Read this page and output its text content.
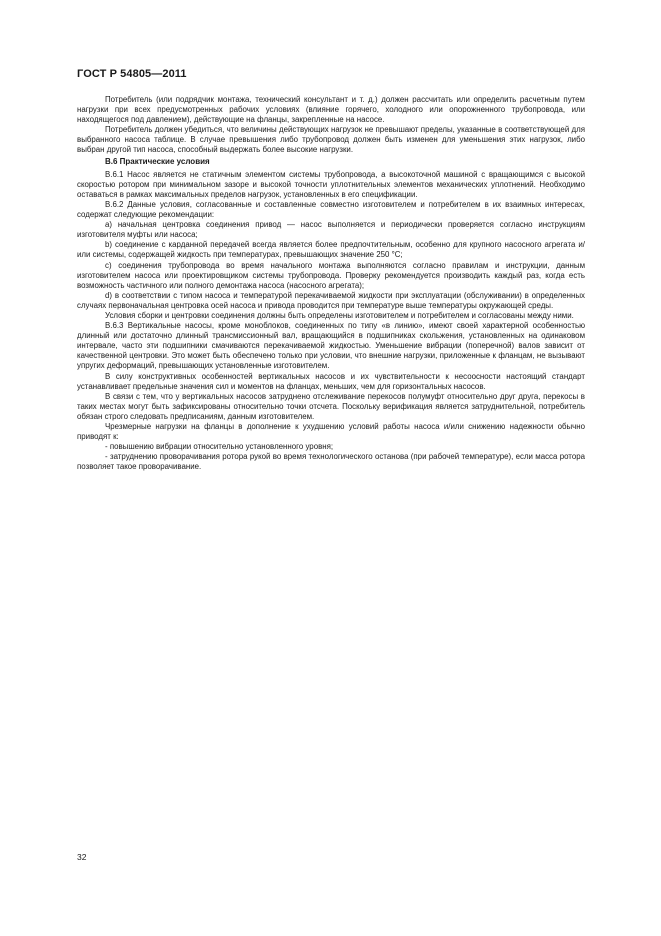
ГОСТ Р 54805—2011

Потребитель (или подрядчик монтажа, технический консультант и т. д.) должен рассчитать или определить расчетным путем нагрузки при всех предусмотренных рабочих условиях (влияние горячего, холодного или опорожненного трубопровода, или находящегося под давлением), действующие на фланцы, закрепленные на насосе.

Потребитель должен убедиться, что величины действующих нагрузок не превышают пределы, указанные в соответствующей для выбранного насоса таблице. В случае превышения либо трубопровод должен быть изменен для уменьшения этих нагрузок, либо выбран другой тип насоса, способный выдержать более высокие нагрузки.

В.6 Практические условия

В.6.1 Насос является не статичным элементом системы трубопровода, а высокоточной машиной с вращающимся с высокой скоростью ротором при минимальном зазоре и высокой точности уплотнительных элементов механических уплотнений. Необходимо оставаться в рамках максимальных пределов нагрузок, установленных в его спецификации.

В.6.2 Данные условия, согласованные и составленные совместно изготовителем и потребителем в их взаимных интересах, содержат следующие рекомендации:

а) начальная центровка соединения привод — насос выполняется и периодически проверяется согласно инструкциям изготовителя муфты или насоса;

b) соединение с карданной передачей всегда является более предпочтительным, особенно для крупного насосного агрегата и/или системы, содержащей жидкость при температурах, превышающих значение 250 °C;

с) соединения трубопровода во время начального монтажа выполняются согласно правилам и инструкции, данным изготовителем насоса или проектировщиком системы трубопровода. Проверку рекомендуется производить каждый раз, когда есть возможность частичного или полного демонтажа насоса (насосного агрегата);

d) в соответствии с типом насоса и температурой перекачиваемой жидкости при эксплуатации (обслуживании) в определенных случаях первоначальная центровка осей насоса и привода проводится при температуре выше температуры окружающей среды.

Условия сборки и центровки соединения должны быть определены изготовителем и потребителем и согласованы между ними.

В.6.3 Вертикальные насосы, кроме моноблоков, соединенных по типу «в линию», имеют своей характерной особенностью длинный или достаточно длинный трансмиссионный вал, вращающийся в подшипниках скольжения, установленных на одинаковом интервале, часто эти подшипники смачиваются перекачиваемой жидкостью. Уменьшение вибрации (поперечной) валов зависит от качественной центровки. Это может быть обеспечено только при условии, что внешние нагрузки, приложенные к фланцам, не вызывают упругих деформаций, превышающих установленные изготовителем.

В силу конструктивных особенностей вертикальных насосов и их чувствительности к несоосности настоящий стандарт устанавливает предельные значения сил и моментов на фланцах, меньших, чем для горизонтальных насосов.

В связи с тем, что у вертикальных насосов затруднено отслеживание перекосов полумуфт относительно друг друга, перекосы в таких местах могут быть зафиксированы относительно точки отсчета. Поскольку верификация является затруднительной, потребитель обязан строго следовать предписаниям, данным изготовителем.

Чрезмерные нагрузки на фланцы в дополнение к ухудшению условий работы насоса и/или снижению надежности обычно приводят к:

- повышению вибрации относительно установленного уровня;

- затруднению проворачивания ротора рукой во время технологического останова (при рабочей температуре), если масса ротора позволяет такое проворачивание.

32
